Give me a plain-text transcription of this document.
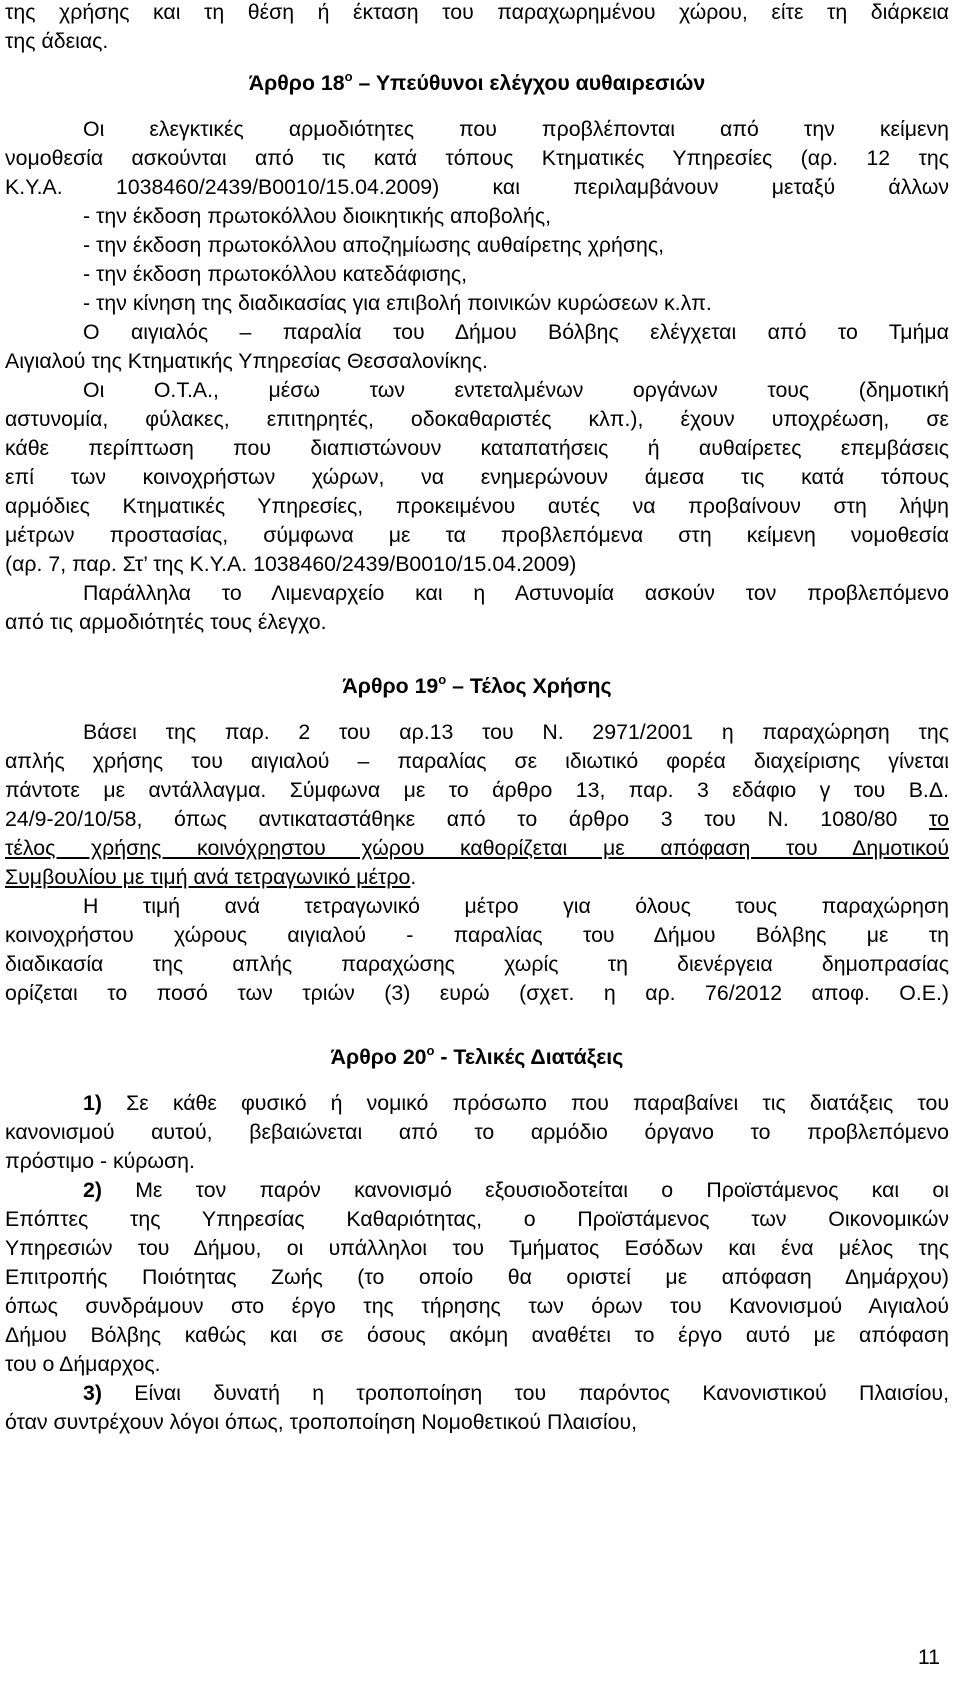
της χρήσης και τη θέση ή έκταση του παραχωρημένου χώρου, είτε τη διάρκεια
της άδειας.
Άρθρο $18^o$ – Υπεύθυνοι ελέγχου αυθαιρεσιών
Οι ελεγκτικές αρμοδιότητες που προβλέπονται από την κείμενη
νομοθεσία ασκούνται από τις κατά τόπους Κτηματικές Υπηρεσίες (αρ. 12 της
Κ.Υ.Α. 1038460/2439/Β0010/15.04.2009) και περιλαμβάνουν μεταξύ άλλων
- την έκδοση πρωτοκόλλου διοικητικής αποβολής,
- την έκδοση πρωτοκόλλου αποζημίωσης αυθαίρετης χρήσης,
- την έκδοση πρωτοκόλλου κατεδάφισης,
- την κίνηση της διαδικασίας για επιβολή ποινικών κυρώσεων κ.λπ.
Ο αιγιαλός – παραλία του Δήμου Βόλβης ελέγχεται από το Τμήμα
Αιγιαλού της Κτηματικής Υπηρεσίας Θεσσαλονίκης.
Οι Ο.Τ.Α., μέσω των εντεταλμένων οργάνων τους (δημοτική
αστυνομία, φύλακες, επιτηρητές, οδοκαθαριστές κλπ.), έχουν υποχρέωση, σε
κάθε περίπτωση που διαπιστώνουν καταπατήσεις ή αυθαίρετες επεμβάσεις
επί των κοινοχρήστων χώρων, να ενημερώνουν άμεσα τις κατά τόπους
αρμόδιες Κτηματικές Υπηρεσίες, προκειμένου αυτές να προβαίνουν στη λήψη
μέτρων προστασίας, σύμφωνα με τα προβλεπόμενα στη κείμενη νομοθεσία
(αρ. 7, παρ. Στ’ της Κ.Υ.Α. 1038460/2439/Β0010/15.04.2009)
Παράλληλα το Λιμεναρχείο και η Αστυνομία ασκούν τον προβλεπόμενο
από τις αρμοδιότητές τους έλεγχο.
Άρθρο $19^o$ – Τέλος Χρήσης
Βάσει της παρ. 2 του αρ.13 του Ν. 2971/2001 η παραχώρηση της
απλής χρήσης του αιγιαλού – παραλίας σε ιδιωτικό φορέα διαχείρισης γίνεται
πάντοτε με αντάλλαγμα. Σύμφωνα με το άρθρο 13, παρ. 3 εδάφιο γ του Β.Δ.
24/9-20/10/58, όπως αντικαταστάθηκε από το άρθρο 3 του Ν. 1080/80 το
τέλος χρήσης κοινόχρηστου χώρου καθορίζεται με απόφαση του Δημοτικού
Συμβουλίου με τιμή ανά τετραγωνικό μέτρο.
Η τιμή ανά τετραγωνικό μέτρο για όλους τους παραχώρηση
κοινοχρήστου χώρους αιγιαλού - παραλίας του Δήμου Βόλβης με τη
διαδικασία της απλής παραχώσης χωρίς τη διενέργεια δημοπρασίας
ορίζεται το ποσό των τριών (3) ευρώ (σχετ. η αρ. 76/2012 αποφ. Ο.Ε.)
Άρθρο $20^o$ - Τελικές Διατάξεις
1) Σε κάθε φυσικό ή νομικό πρόσωπο που παραβαίνει τις διατάξεις του
κανονισμού αυτού, βεβαιώνεται από το αρμόδιο όργανο το προβλεπόμενο
πρόστιμο - κύρωση.
2) Με τον παρόν κανονισμό εξουσιοδοτείται ο Προϊστάμενος και οι
Επόπτες της Υπηρεσίας Καθαριότητας, ο Προϊστάμενος των Οικονομικών
Υπηρεσιών του Δήμου, οι υπάλληλοι του Τμήματος Εσόδων και ένα μέλος της
Επιτροπής Ποιότητας Ζωής (το οποίο θα οριστεί με απόφαση Δημάρχου)
όπως συνδράμουν στο έργο της τήρησης των όρων του Κανονισμού Αιγιαλού
Δήμου Βόλβης καθώς και σε όσους ακόμη αναθέτει το έργο αυτό με απόφαση
του ο Δήμαρχος.
3) Είναι δυνατή η τροποποίηση του παρόντος Κανονιστικού Πλαισίου,
όταν συντρέχουν λόγοι όπως, τροποποίηση Νομοθετικού Πλαισίου,
11
